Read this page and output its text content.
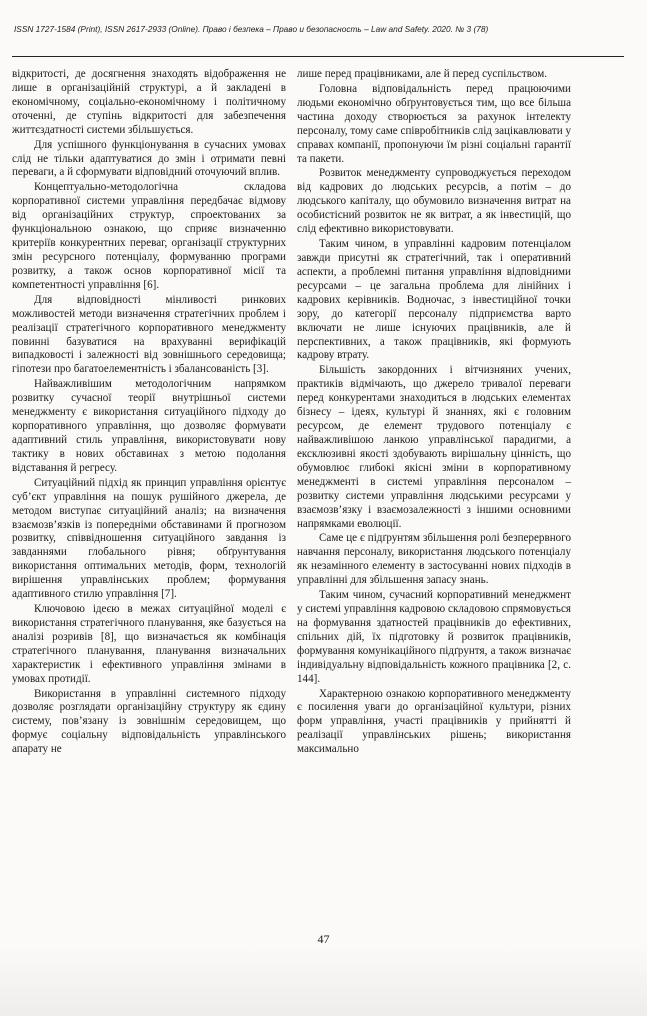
ISSN 1727-1584 (Print), ISSN 2617-2933 (Online). Право і безпека – Право и безопасность – Law and Safety. 2020. № 3 (78)

відкритості, де досягнення знаходять відображення не лише в організаційній структурі, а й закладені в економічному, соціально-економічному і політичному оточенні, де ступінь відкритості для забезпечення життєздатності системи збільшується.

Для успішного функціонування в сучасних умовах слід не тільки адаптуватися до змін і отримати певні переваги, а й сформувати відповідний оточуючий вплив.

Концептуально-методологічна складова корпоративної системи управління передбачає відмову від організаційних структур, спроектованих за функціональною ознакою, що сприяє визначенню критеріїв конкурентних переваг, організації структурних змін ресурсного потенціалу, формуванню програми розвитку, а також основ корпоративної місії та компетентності управління [6].

Для відповідності мінливості ринкових можливостей методи визначення стратегічних проблем і реалізації стратегічного корпоративного менеджменту повинні базуватися на врахуванні верифікацій випадковості і залежності від зовнішнього середовища; гіпотези про багатоелементність і збалансованість [3].

Найважливішим методологічним напрямком розвитку сучасної теорії внутрішньої системи менеджменту є використання ситуаційного підходу до корпоративного управління, що дозволяє формувати адаптивний стиль управління, використовувати нову тактику в нових обставинах з метою подолання відставання й регресу.

Ситуаційний підхід як принцип управління орієнтує суб’єкт управління на пошук рушійного джерела, де методом виступає ситуаційний аналіз; на визначення взаємозв’язків із попередніми обставинами й прогнозом розвитку, співвідношення ситуаційного завдання із завданнями глобального рівня; обґрунтування використання оптимальних методів, форм, технологій вирішення управлінських проблем; формування адаптивного стилю управління [7].

Ключовою ідеєю в межах ситуаційної моделі є використання стратегічного планування, яке базується на аналізі розривів [8], що визначається як комбінація стратегічного планування, планування визначальних характеристик і ефективного управління змінами в умовах протидії.

Використання в управлінні системного підходу дозволяє розглядати організаційну структуру як єдину систему, пов’язану із зовнішнім середовищем, що формує соціальну відповідальність управлінського апарату не

лише перед працівниками, але й перед суспільством.

Головна відповідальність перед працюючими людьми економічно обґрунтовується тим, що все більша частина доходу створюється за рахунок інтелекту персоналу, тому саме співробітників слід зацікавлювати у справах компанії, пропонуючи їм різні соціальні гарантії та пакети.

Розвиток менеджменту супроводжується переходом від кадрових до людських ресурсів, а потім – до людського капіталу, що обумовило визначення витрат на особистісний розвиток не як витрат, а як інвестицій, що слід ефективно використовувати.

Таким чином, в управлінні кадровим потенціалом завжди присутні як стратегічний, так і оперативний аспекти, а проблемні питання управління відповідними ресурсами – це загальна проблема для лінійних і кадрових керівників. Водночас, з інвестиційної точки зору, до категорії персоналу підприємства варто включати не лише існуючих працівників, але й перспективних, а також працівників, які формують кадрову втрату.

Більшість закордонних і вітчизняних учених, практиків відмічають, що джерело тривалої переваги перед конкурентами знаходиться в людських елементах бізнесу – ідеях, культурі й знаннях, які є головним ресурсом, де елемент трудового потенціалу є найважливішою ланкою управлінської парадигми, а ексклюзивні якості здобувають вирішальну цінність, що обумовлює глибокі якісні зміни в корпоративному менеджменті в системі управління персоналом – розвитку системи управління людськими ресурсами у взаємозв’язку і взаємозалежності з іншими основними напрямками еволюції.

Саме це є підґрунтям збільшення ролі безперервного навчання персоналу, використання людського потенціалу як незамінного елементу в застосуванні нових підходів в управлінні для збільшення запасу знань.

Таким чином, сучасний корпоративний менеджмент у системі управління кадровою складовою спрямовується на формування здатностей працівників до ефективних, спільних дій, їх підготовку й розвиток працівників, формування комунікаційного підґрунтя, а також визначає індивідуальну відповідальність кожного працівника [2, с. 144].

Характерною ознакою корпоративного менеджменту є посилення уваги до організаційної культури, різних форм управління, участі працівників у прийнятті й реалізації управлінських рішень; використання максимально

47
